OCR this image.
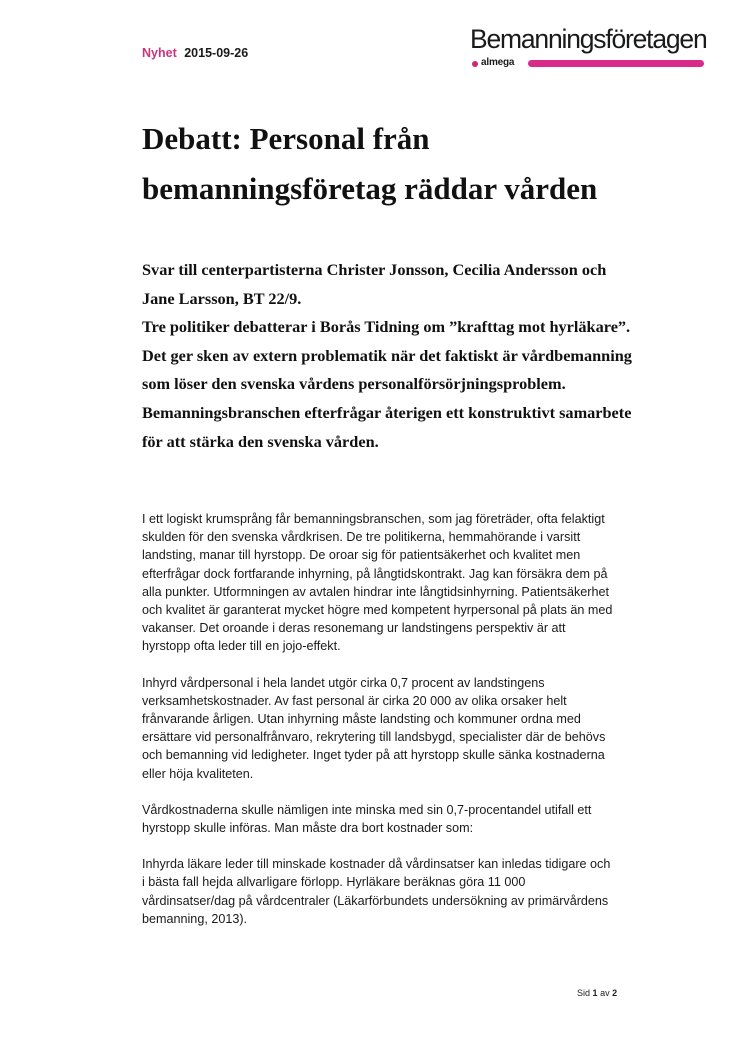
Nyhet 2015-09-26	Bemanningsföretagen
almega
Debatt: Personal från bemanningsföretag räddar vården

Svar till centerpartisterna Christer Jonsson, Cecilia Andersson och Jane Larsson, BT 22/9.

Tre politiker debatterar i Borås Tidning om ”krafttag mot hyrläkare”. Det ger sken av extern problematik när det faktiskt är vårdbemanning som löser den svenska vårdens personalförsörjningsproblem. Bemanningsbranschen efterfrågar återigen ett konstruktivt samarbete för att stärka den svenska vården.

I ett logiskt krumsprång får bemanningsbranschen, som jag företräder, ofta felaktigt skulden för den svenska vårdkrisen. De tre politikerna, hemmahörande i varsitt landsting, manar till hyrstopp. De oroar sig för patientsäkerhet och kvalitet men efterfrågar dock fortfarande inhyrning, på långtidskontrakt. Jag kan försäkra dem på alla punkter. Utformningen av avtalen hindrar inte långtidsinhyrning. Patientsäkerhet och kvalitet är garanterat mycket högre med kompetent hyrpersonal på plats än med vakanser. Det oroande i deras resonemang ur landstingens perspektiv är att hyrstopp ofta leder till en jojo-effekt.

Inhyrd vårdpersonal i hela landet utgör cirka 0,7 procent av landstingens verksamhetskostnader. Av fast personal är cirka 20 000 av olika orsaker helt frånvarande årligen. Utan inhyrning måste landsting och kommuner ordna med ersättare vid personalfrånvaro, rekrytering till landsbygd, specialister där de behövs och bemanning vid ledigheter. Inget tyder på att hyrstopp skulle sänka kostnaderna eller höja kvaliteten.

Vårdkostnaderna skulle nämligen inte minska med sin 0,7-procentandel utifall ett hyrstopp skulle införas. Man måste dra bort kostnader som:

Inhyrda läkare leder till minskade kostnader då vårdinsatser kan inledas tidigare och i bästa fall hejda allvarligare förlopp. Hyrläkare beräknas göra 11 000 vårdinsatser/dag på vårdcentraler (Läkarförbundets undersökning av primärvårdens bemanning, 2013).

Sid 1 av 2
